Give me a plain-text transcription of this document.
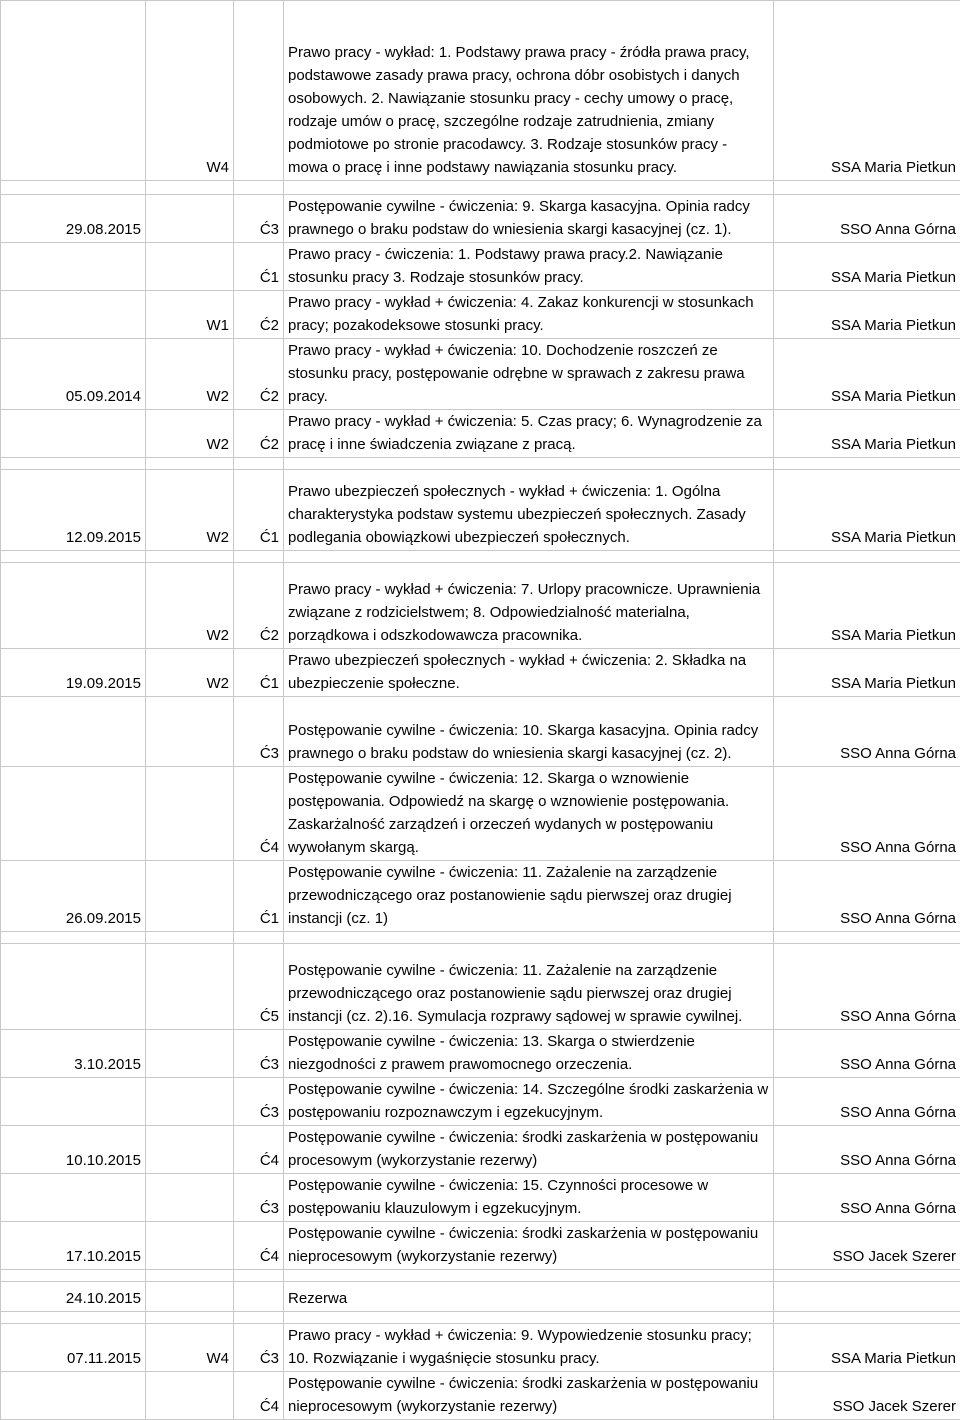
	W4		Prawo pracy - wykład: 1. Podstawy prawa pracy - źródła prawa pracy, podstawowe zasady prawa pracy, ochrona dóbr osobistych i danych osobowych. 2. Nawiązanie stosunku pracy - cechy umowy o pracę, rodzaje umów o pracę, szczególne rodzaje zatrudnienia, zmiany podmiotowe po stronie pracodawcy. 3. Rodzaje stosunków pracy - mowa o pracę i inne podstawy nawiązania stosunku pracy.	SSA Maria Pietkun

29.08.2015		Ć3	Postępowanie cywilne - ćwiczenia: 9. Skarga kasacyjna. Opinia radcy prawnego o braku podstaw do wniesienia skargi kasacyjnej (cz. 1).	SSO Anna Górna
		Ć1	Prawo pracy - ćwiczenia: 1. Podstawy prawa pracy.2. Nawiązanie stosunku pracy 3. Rodzaje stosunków pracy.	SSA Maria Pietkun
	W1	Ć2	Prawo pracy - wykład + ćwiczenia: 4. Zakaz konkurencji w stosunkach pracy; pozakodeksowe stosunki pracy.	SSA Maria Pietkun
05.09.2014	W2	Ć2	Prawo pracy - wykład + ćwiczenia: 10. Dochodzenie roszczeń ze stosunku pracy, postępowanie odrębne w sprawach z zakresu prawa pracy.	SSA Maria Pietkun
	W2	Ć2	Prawo pracy - wykład + ćwiczenia: 5. Czas pracy; 6. Wynagrodzenie za pracę i inne świadczenia związane z pracą.	SSA Maria Pietkun

12.09.2015	W2	Ć1	Prawo ubezpieczeń społecznych - wykład + ćwiczenia: 1. Ogólna charakterystyka podstaw systemu ubezpieczeń społecznych. Zasady podlegania obowiązkowi ubezpieczeń społecznych.	SSA Maria Pietkun

	W2	Ć2	Prawo pracy - wykład + ćwiczenia: 7. Urlopy pracownicze. Uprawnienia związane z rodzicielstwem; 8. Odpowiedzialność materialna, porządkowa i odszkodowawcza pracownika.	SSA Maria Pietkun
19.09.2015	W2	Ć1	Prawo ubezpieczeń społecznych - wykład + ćwiczenia: 2. Składka na ubezpieczenie społeczne.	SSA Maria Pietkun
		Ć3	Postępowanie cywilne - ćwiczenia: 10. Skarga kasacyjna. Opinia radcy prawnego o braku podstaw do wniesienia skargi kasacyjnej (cz. 2).	SSO Anna Górna
		Ć4	Postępowanie cywilne - ćwiczenia: 12. Skarga o wznowienie postępowania. Odpowiedź na skargę o wznowienie postępowania. Zaskarżalność zarządzeń i orzeczeń wydanych w postępowaniu wywołanym skargą.	SSO Anna Górna
26.09.2015		Ć1	Postępowanie cywilne - ćwiczenia: 11. Zażalenie na zarządzenie przewodniczącego oraz postanowienie sądu pierwszej oraz drugiej instancji (cz. 1)	SSO Anna Górna

		Ć5	Postępowanie cywilne - ćwiczenia: 11. Zażalenie na zarządzenie przewodniczącego oraz postanowienie sądu pierwszej oraz drugiej instancji (cz. 2).16. Symulacja rozprawy sądowej w sprawie cywilnej.	SSO Anna Górna
3.10.2015		Ć3	Postępowanie cywilne - ćwiczenia: 13. Skarga o stwierdzenie niezgodności z prawem prawomocnego orzeczenia.	SSO Anna Górna
		Ć3	Postępowanie cywilne - ćwiczenia: 14. Szczególne środki zaskarżenia w postępowaniu rozpoznawczym i egzekucyjnym.	SSO Anna Górna
10.10.2015		Ć4	Postępowanie cywilne - ćwiczenia: środki zaskarżenia w postępowaniu procesowym (wykorzystanie rezerwy)	SSO Anna Górna
		Ć3	Postępowanie cywilne - ćwiczenia: 15. Czynności procesowe w postępowaniu klauzulowym i egzekucyjnym.	SSO Anna Górna
17.10.2015		Ć4	Postępowanie cywilne - ćwiczenia: środki zaskarżenia w postępowaniu nieprocesowym (wykorzystanie rezerwy)	SSO Jacek Szerer

24.10.2015			Rezerwa	

07.11.2015	W4	Ć3	Prawo pracy - wykład + ćwiczenia: 9. Wypowiedzenie stosunku pracy; 10. Rozwiązanie i wygaśnięcie stosunku pracy.	SSA Maria Pietkun
		Ć4	Postępowanie cywilne - ćwiczenia: środki zaskarżenia w postępowaniu nieprocesowym (wykorzystanie rezerwy)	SSO Jacek Szerer
